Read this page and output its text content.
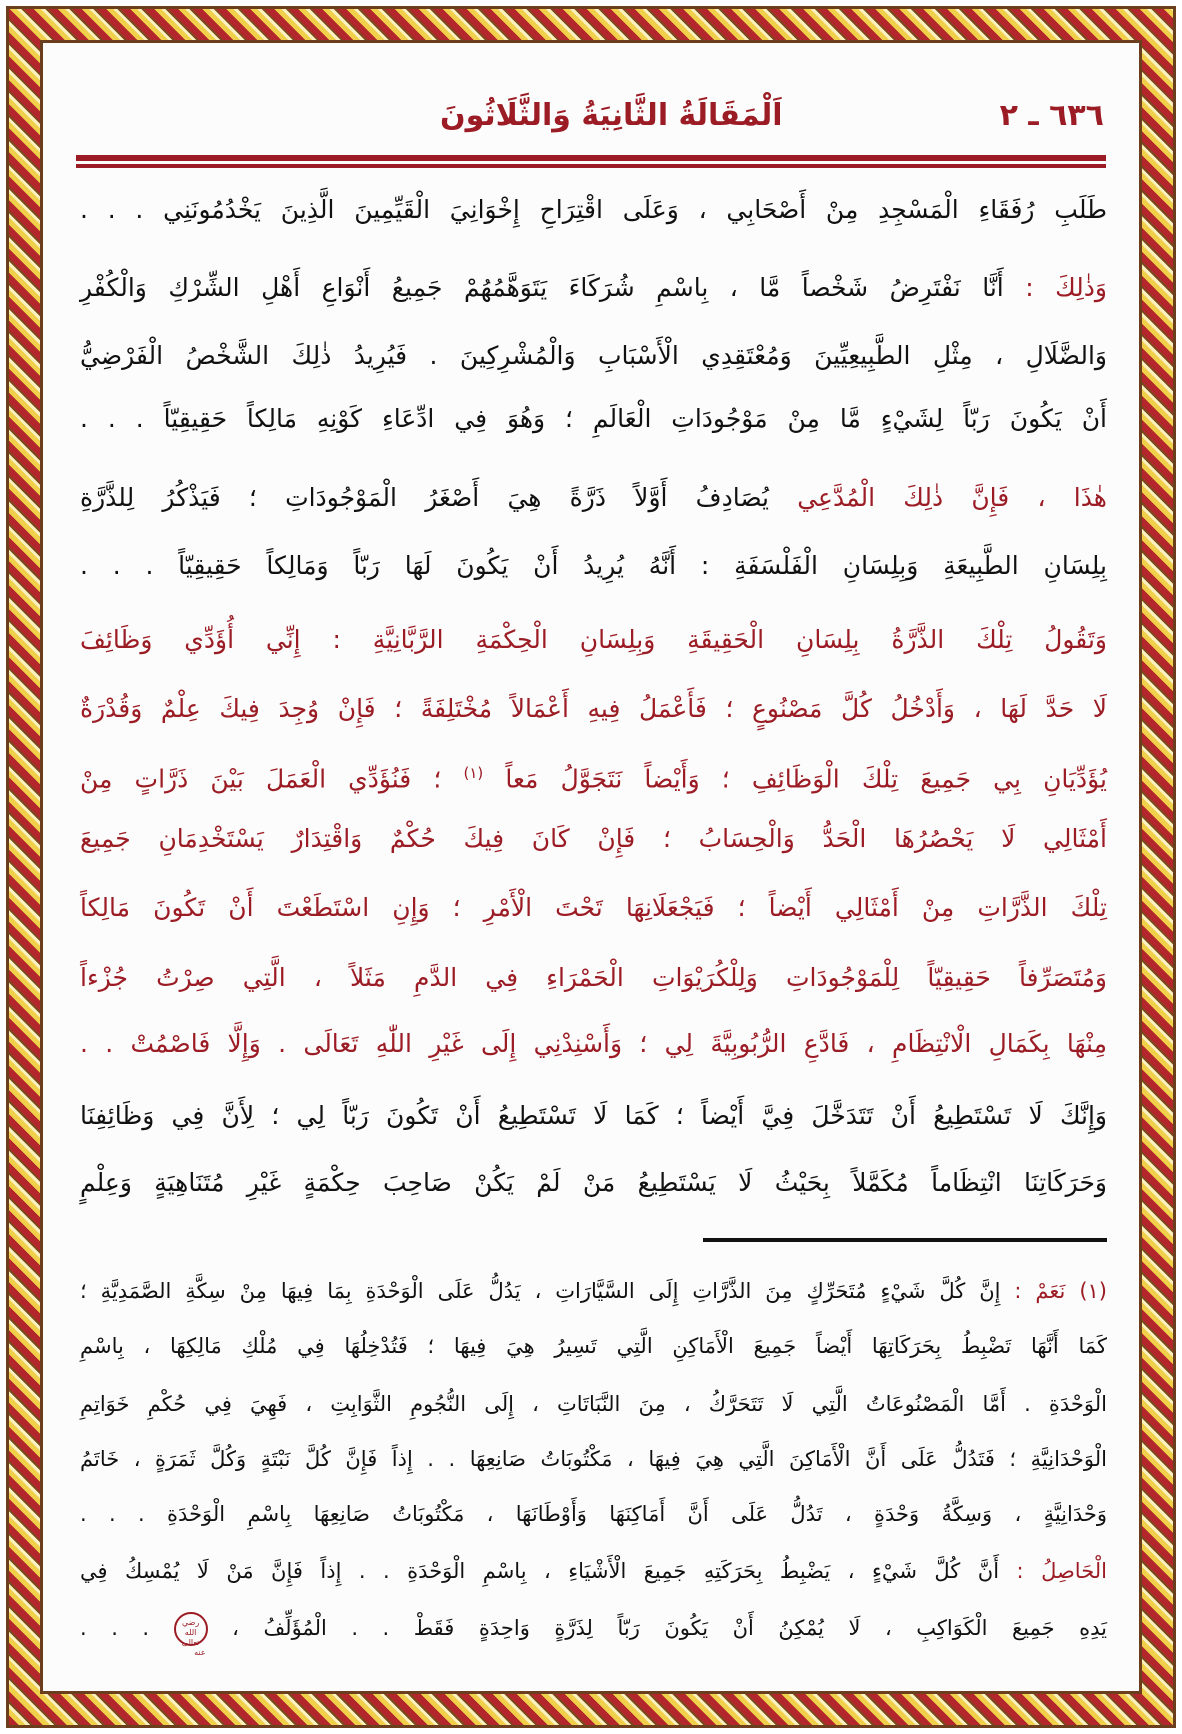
٦٣٦ ـ ٢
اَلْمَقَالَةُ الثَّانِيَةُ وَالثَّلَاثُونَ
طَلَبِ رُفَقَاءِ الْمَسْجِدِ مِنْ أَصْحَابِي ، وَعَلَى اقْتِرَاحِ إِخْوَانِيَ الْقَيِّمِينَ الَّذِينَ يَخْدُمُونَنِي . . .
وَذٰلِكَ : أَنَّا نَفْتَرِضُ شَخْصاً مَّا ، بِاسْمِ شُرَكَاءَ يَتَوَهَّمُهُمْ جَمِيعُ أَنْوَاعِ أَهْلِ الشِّرْكِ وَالْكُفْرِ
وَالضَّلَالِ ، مِثْلِ الطَّبِيعِيِّينَ وَمُعْتَقِدِي الْأَسْبَابِ وَالْمُشْرِكِينَ . فَيُرِيدُ ذٰلِكَ الشَّخْصُ الْفَرْضِيُّ
أَنْ يَكُونَ رَبّاً لِشَيْءٍ مَّا مِنْ مَوْجُودَاتِ الْعَالَمِ ؛ وَهُوَ فِي ادِّعَاءِ كَوْنِهِ مَالِكاً حَقِيقِيّاً . . .
هٰذَا ، فَإِنَّ ذٰلِكَ الْمُدَّعِي يُصَادِفُ أَوَّلاً ذَرَّةً هِيَ أَصْغَرُ الْمَوْجُودَاتِ ؛ فَيَذْكُرُ لِلذَّرَّةِ
بِلِسَانِ الطَّبِيعَةِ وَبِلِسَانِ الْفَلْسَفَةِ : أَنَّهُ يُرِيدُ أَنْ يَكُونَ لَهَا رَبّاً وَمَالِكاً حَقِيقِيّاً . . .
وَتَقُولُ تِلْكَ الذَّرَّةُ بِلِسَانِ الْحَقِيقَةِ وَبِلِسَانِ الْحِكْمَةِ الرَّبَّانِيَّةِ : إِنِّي أُؤَدِّي وَظَائِفَ
لَا حَدَّ لَهَا ، وَأَدْخُلُ كُلَّ مَصْنُوعٍ ؛ فَأَعْمَلُ فِيهِ أَعْمَالاً مُخْتَلِفَةً ؛ فَإِنْ وُجِدَ فِيكَ عِلْمٌ وَقُدْرَةٌ
يُؤَدِّيَانِ بِي جَمِيعَ تِلْكَ الْوَظَائِفِ ؛ وَأَيْضاً نَتَجَوَّلُ مَعاً $^{(١)}$ ؛ فَنُؤَدِّي الْعَمَلَ بَيْنَ ذَرَّاتٍ مِنْ
أَمْثَالِي لَا يَحْصُرُهَا الْحَدُّ وَالْحِسَابُ ؛ فَإِنْ كَانَ فِيكَ حُكْمٌ وَاقْتِدَارٌ يَسْتَخْدِمَانِ جَمِيعَ
تِلْكَ الذَّرَّاتِ مِنْ أَمْثَالِي أَيْضاً ؛ فَيَجْعَلَانِهَا تَحْتَ الْأَمْرِ ؛ وَإِنِ اسْتَطَعْتَ أَنْ تَكُونَ مَالِكاً
وَمُتَصَرِّفاً حَقِيقِيّاً لِلْمَوْجُودَاتِ وَلِلْكُرَيْوَاتِ الْحَمْرَاءِ فِي الدَّمِ مَثَلاً ، الَّتِي صِرْتُ جُزْءاً
مِنْهَا بِكَمَالِ الْانْتِظَامِ ، فَادَّعِ الرُّبُوبِيَّةَ لِي ؛ وَأَسْنِدْنِي إِلَى غَيْرِ اللّٰهِ تَعَالَى . وَإِلَّا فَاصْمُتْ . .
وَإِنَّكَ لَا تَسْتَطِيعُ أَنْ تَتَدَخَّلَ فِيَّ أَيْضاً ؛ كَمَا لَا تَسْتَطِيعُ أَنْ تَكُونَ رَبّاً لِي ؛ لِأَنَّ فِي وَظَائِفِنَا
وَحَرَكَاتِنَا انْتِظَاماً مُكَمَّلاً بِحَيْثُ لَا يَسْتَطِيعُ مَنْ لَمْ يَكُنْ صَاحِبَ حِكْمَةٍ غَيْرِ مُتَنَاهِيَةٍ وَعِلْمٍ
(١) نَعَمْ : إِنَّ كُلَّ شَيْءٍ مُتَحَرِّكٍ مِنَ الذَّرَّاتِ إِلَى السَّيَّارَاتِ ، يَدُلُّ عَلَى الْوَحْدَةِ بِمَا فِيهَا مِنْ سِكَّةِ الصَّمَدِيَّةِ ؛
كَمَا أَنَّهَا تَضْبِطُ بِحَرَكَاتِهَا أَيْضاً جَمِيعَ الْأَمَاكِنِ الَّتِي تَسِيرُ هِيَ فِيهَا ؛ فَتُدْخِلُهَا فِي مُلْكِ مَالِكِهَا ، بِاسْمِ
الْوَحْدَةِ . أَمَّا الْمَصْنُوعَاتُ الَّتِي لَا تَتَحَرَّكُ ، مِنَ النَّبَاتَاتِ ، إِلَى النُّجُومِ الثَّوَابِتِ ، فَهِيَ فِي حُكْمِ خَوَاتِمِ
الْوَحْدَانِيَّةِ ؛ فَتَدُلُّ عَلَى أَنَّ الْأَمَاكِنَ الَّتِي هِيَ فِيهَا ، مَكْتُوبَاتُ صَانِعِهَا . . إِذاً فَإِنَّ كُلَّ نَبْتَةٍ وَكُلَّ ثَمَرَةٍ ، خَاتَمُ
وَحْدَانِيَّةٍ ، وَسِكَّةُ وَحْدَةٍ ، تَدُلُّ عَلَى أَنَّ أَمَاكِنَهَا وَأَوْطَانَهَا ، مَكْتُوبَاتُ صَانِعِهَا بِاسْمِ الْوَحْدَةِ . . .
الْحَاصِلُ : أَنَّ كُلَّ شَيْءٍ ، يَضْبِطُ بِحَرَكَتِهِ جَمِيعَ الْأَشْيَاءِ ، بِاسْمِ الْوَحْدَةِ . . إِذاً فَإِنَّ مَنْ لَا يُمْسِكُ فِي
يَدِهِ جَمِيعَ الْكَوَاكِبِ ، لَا يُمْكِنُ أَنْ يَكُونَ رَبّاً لِذَرَّةٍ وَاحِدَةٍ فَقَطْ . . الْمُؤَلِّفُ ، رضي الله تعالى عنه . . .
